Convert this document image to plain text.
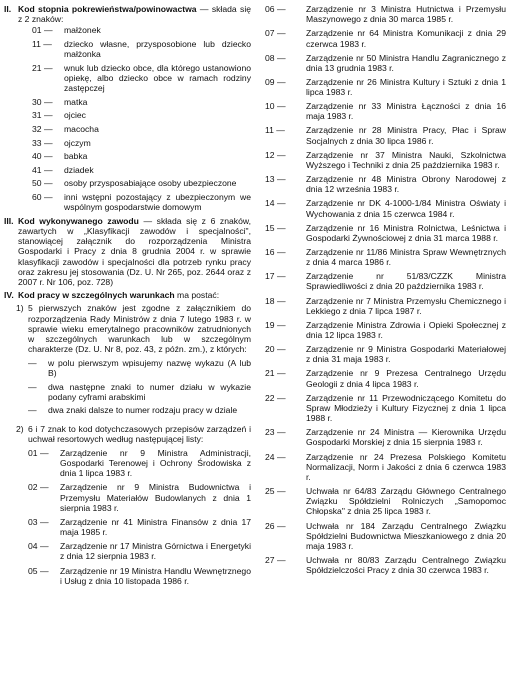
II. Kod stopnia pokrewieństwa/powinowactwa — składa się z 2 znaków:
01 — małżonek
11 — dziecko własne, przysposobione lub dziecko małżonka
21 — wnuk lub dziecko obce, dla którego ustanowiono opiekę, albo dziecko obce w ramach rodziny zastępczej
30 — matka
31 — ojciec
32 — macocha
33 — ojczym
40 — babka
41 — dziadek
50 — osoby przysposabiające osoby ubezpieczone
60 — inni wstępni pozostający z ubezpieczonym we wspólnym gospodarstwie domowym
III. Kod wykonywanego zawodu — składa się z 6 znaków, zawartych w „Klasyfikacji zawodów i specjalności", stanowiącej załącznik do rozporządzenia Ministra Gospodarki i Pracy z dnia 8 grudnia 2004 r. w sprawie klasyfikacji zawodów i specjalności dla potrzeb rynku pracy oraz zakresu jej stosowania (Dz. U. Nr 265, poz. 2644 oraz z 2007 r. Nr 106, poz. 728)
IV. Kod pracy w szczególnych warunkach ma postać:
1) 5 pierwszych znaków jest zgodne z załącznikiem do rozporządzenia Rady Ministrów z dnia 7 lutego 1983 r. w sprawie wieku emerytalnego pracowników zatrudnionych w szczególnych warunkach lub w szczególnym charakterze (Dz. U. Nr 8, poz. 43, z późn. zm.), z których:
— w polu pierwszym wpisujemy nazwę wykazu (A lub B)
— dwa następne znaki to numer działu w wykazie podany cyframi arabskimi
— dwa znaki dalsze to numer rodzaju pracy w dziale
2) 6 i 7 znak to kod dotychczasowych przepisów zarządzeń i uchwał resortowych według następującej listy:
01 — Zarządzenie nr 9 Ministra Administracji, Gospodarki Terenowej i Ochrony Środowiska z dnia 1 lipca 1983 r.
02 — Zarządzenie nr 9 Ministra Budownictwa i Przemysłu Materiałów Budowlanych z dnia 1 sierpnia 1983 r.
03 — Zarządzenie nr 41 Ministra Finansów z dnia 17 maja 1985 r.
04 — Zarządzenie nr 17 Ministra Górnictwa i Energetyki z dnia 12 sierpnia 1983 r.
05 — Zarządzenie nr 19 Ministra Handlu Wewnętrznego i Usług z dnia 10 listopada 1986 r.
06 — Zarządzenie nr 3 Ministra Hutnictwa i Przemysłu Maszynowego z dnia 30 marca 1985 r.
07 — Zarządzenie nr 64 Ministra Komunikacji z dnia 29 czerwca 1983 r.
08 — Zarządzenie nr 50 Ministra Handlu Zagranicznego z dnia 13 grudnia 1983 r.
09 — Zarządzenie nr 26 Ministra Kultury i Sztuki z dnia 1 lipca 1983 r.
10 — Zarządzenie nr 33 Ministra Łączności z dnia 16 maja 1983 r.
11 — Zarządzenie nr 28 Ministra Pracy, Płac i Spraw Socjalnych z dnia 30 lipca 1986 r.
12 — Zarządzenie nr 37 Ministra Nauki, Szkolnictwa Wyższego i Techniki z dnia 25 października 1983 r.
13 — Zarządzenie nr 48 Ministra Obrony Narodowej z dnia 12 września 1983 r.
14 — Zarządzenie nr DK 4-1000-1/84 Ministra Oświaty i Wychowania z dnia 15 czerwca 1984 r.
15 — Zarządzenie nr 16 Ministra Rolnictwa, Leśnictwa i Gospodarki Żywnościowej z dnia 31 marca 1988 r.
16 — Zarządzenie nr 11/86 Ministra Spraw Wewnętrznych z dnia 4 marca 1986 r.
17 — Zarządzenie nr 51/83/CZZK Ministra Sprawiedliwości z dnia 20 października 1983 r.
18 — Zarządzenie nr 7 Ministra Przemysłu Chemicznego i Lekkiego z dnia 7 lipca 1987 r.
19 — Zarządzenie Ministra Zdrowia i Opieki Społecznej z dnia 12 lipca 1983 r.
20 — Zarządzenie nr 9 Ministra Gospodarki Materiałowej z dnia 31 maja 1983 r.
21 — Zarządzenie nr 9 Prezesa Centralnego Urzędu Geologii z dnia 4 lipca 1983 r.
22 — Zarządzenie nr 11 Przewodniczącego Komitetu do Spraw Młodzieży i Kultury Fizycznej z dnia 1 lipca 1988 r.
23 — Zarządzenie nr 24 Ministra — Kierownika Urzędu Gospodarki Morskiej z dnia 15 sierpnia 1983 r.
24 — Zarządzenie nr 24 Prezesa Polskiego Komitetu Normalizacji, Norm i Jakości z dnia 6 czerwca 1983 r.
25 — Uchwała nr 64/83 Zarządu Głównego Centralnego Związku Spółdzielni Rolniczych „Samopomoc Chłopska" z dnia 25 lipca 1983 r.
26 — Uchwała nr 184 Zarządu Centralnego Związku Spółdzielni Budownictwa Mieszkaniowego z dnia 20 maja 1983 r.
27 — Uchwała nr 80/83 Zarządu Centralnego Związku Spółdzielczości Pracy z dnia 30 czerwca 1983 r.
